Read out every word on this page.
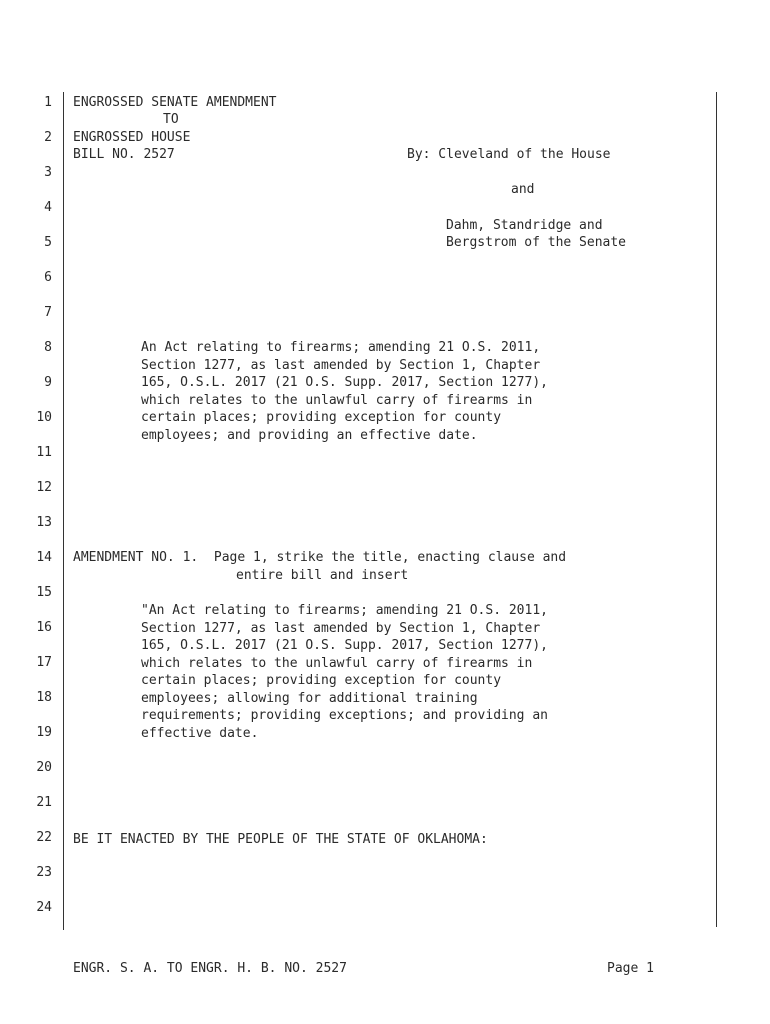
1
2
3
4
5
6
7
8
9
10
11
12
13
14
15
16
17
18
19
20
21
22
23
24
ENGROSSED SENATE AMENDMENT
TO
ENGROSSED HOUSE
BILL NO. 2527	By: Cleveland of the House
and
Dahm, Standridge and
Bergstrom of the Senate
An Act relating to firearms; amending 21 O.S. 2011,
Section 1277, as last amended by Section 1, Chapter
165, O.S.L. 2017 (21 O.S. Supp. 2017, Section 1277),
which relates to the unlawful carry of firearms in
certain places; providing exception for county
employees; and providing an effective date.
AMENDMENT NO. 1.  Page 1, strike the title, enacting clause and
entire bill and insert
"An Act relating to firearms; amending 21 O.S. 2011,
Section 1277, as last amended by Section 1, Chapter
165, O.S.L. 2017 (21 O.S. Supp. 2017, Section 1277),
which relates to the unlawful carry of firearms in
certain places; providing exception for county
employees; allowing for additional training
requirements; providing exceptions; and providing an
effective date.
BE IT ENACTED BY THE PEOPLE OF THE STATE OF OKLAHOMA:
ENGR. S. A. TO ENGR. H. B. NO. 2527	Page 1
